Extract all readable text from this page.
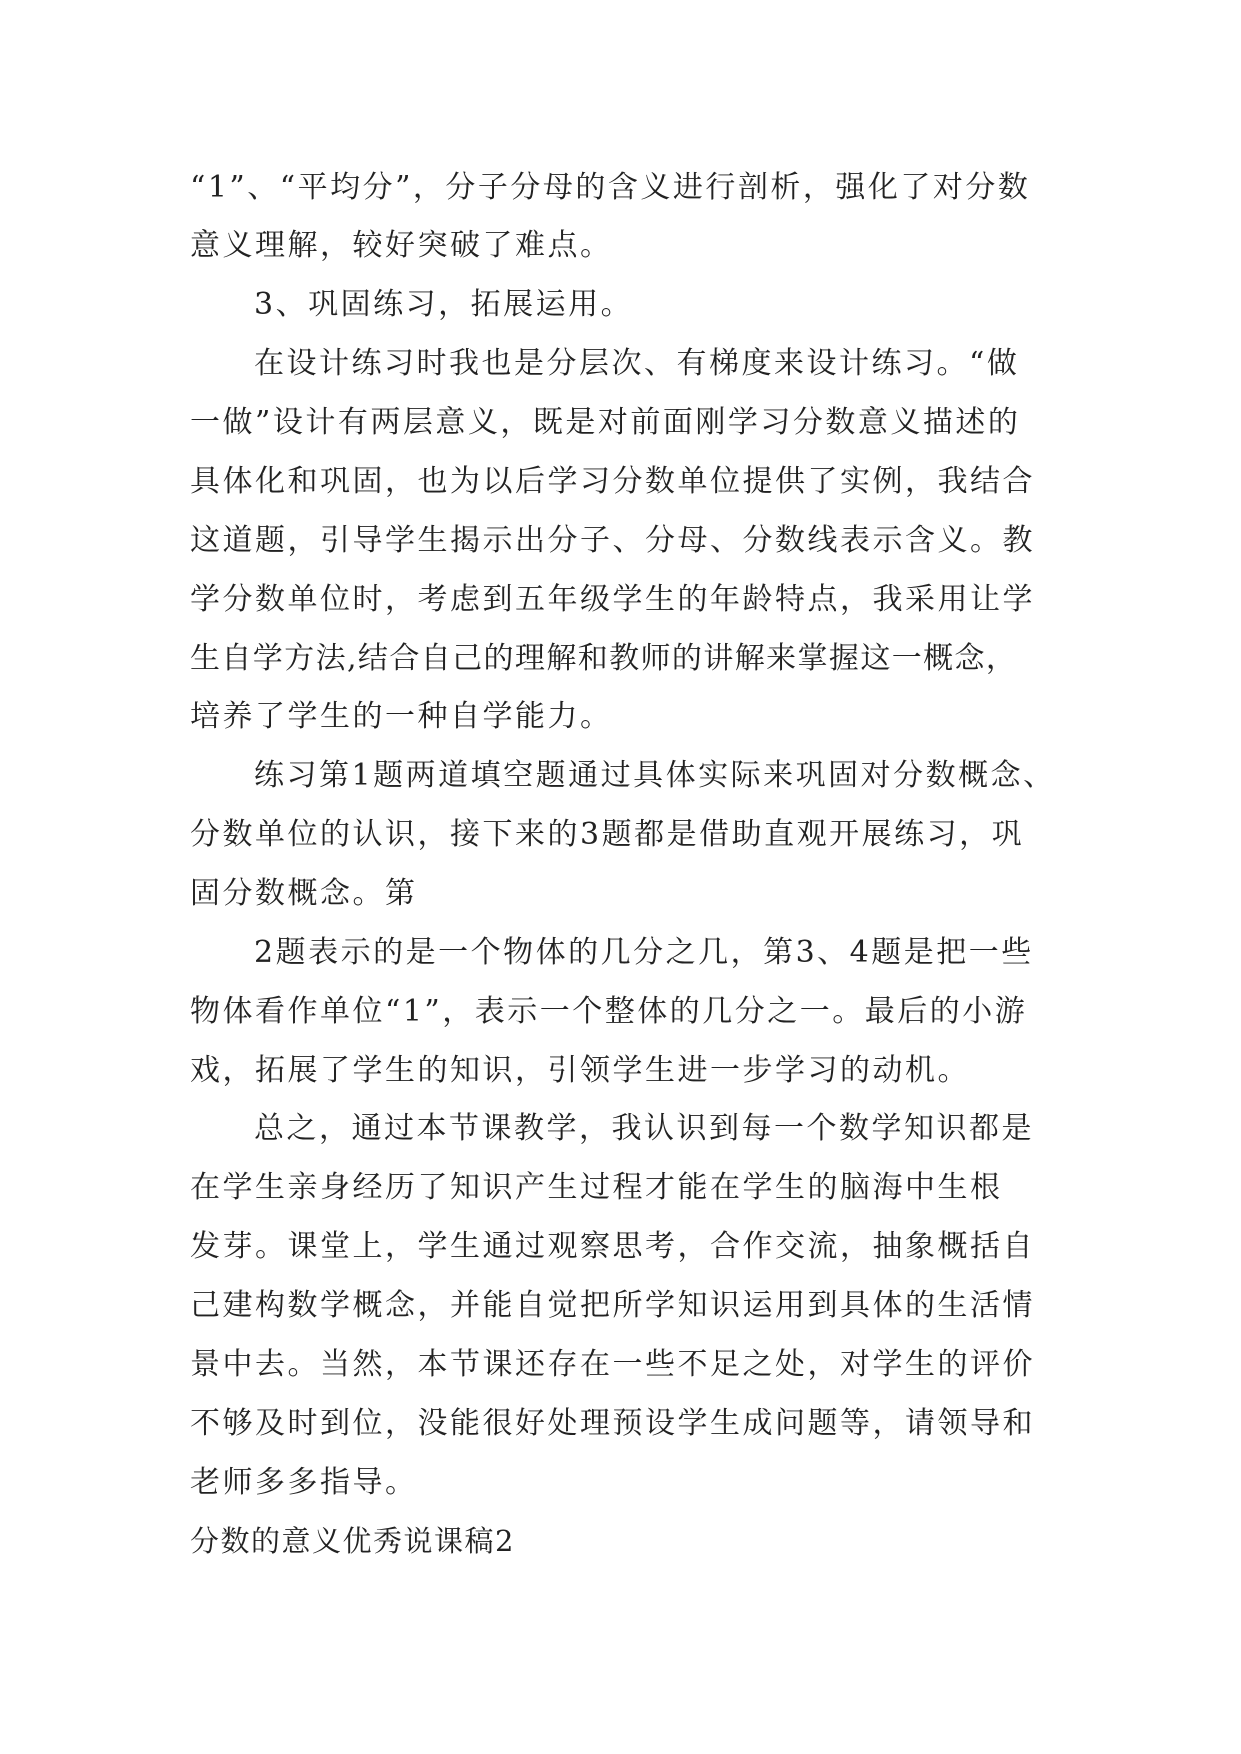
“1”、“平均分”，分子分母的含义进行剖析，强化了对分数
意义理解，较好突破了难点。
3、巩固练习，拓展运用。
在设计练习时我也是分层次、有梯度来设计练习。“做
一做”设计有两层意义，既是对前面刚学习分数意义描述的
具体化和巩固，也为以后学习分数单位提供了实例，我结合
这道题，引导学生揭示出分子、分母、分数线表示含义。教
学分数单位时，考虑到五年级学生的年龄特点，我采用让学
生自学方法,结合自己的理解和教师的讲解来掌握这一概念，
培养了学生的一种自学能力。
练习第1题两道填空题通过具体实际来巩固对分数概念、
分数单位的认识，接下来的3题都是借助直观开展练习，巩
固分数概念。第
2题表示的是一个物体的几分之几，第3、4题是把一些
物体看作单位“1”，表示一个整体的几分之一。最后的小游
戏，拓展了学生的知识，引领学生进一步学习的动机。
总之，通过本节课教学，我认识到每一个数学知识都是
在学生亲身经历了知识产生过程才能在学生的脑海中生根
发芽。课堂上，学生通过观察思考，合作交流，抽象概括自
己建构数学概念，并能自觉把所学知识运用到具体的生活情
景中去。当然，本节课还存在一些不足之处，对学生的评价
不够及时到位，没能很好处理预设学生成问题等，请领导和
老师多多指导。
分数的意义优秀说课稿2
